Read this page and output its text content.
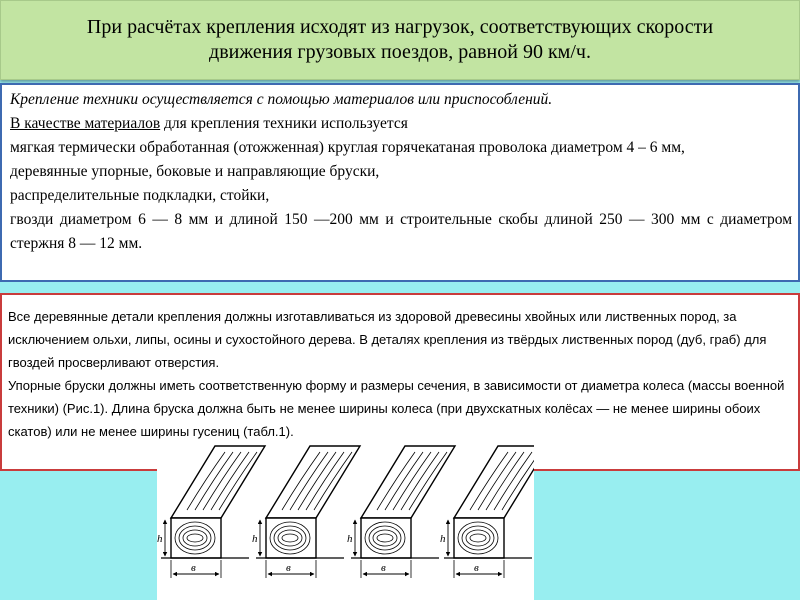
При расчётах крепления исходят из нагрузок, соответствующих скорости
движения грузовых поездов, равной 90 км/ч.

Крепление техники осуществляется с помощью материалов или приспособлений.

В качестве материалов для крепления техники используется

мягкая термически обработанная (отожженная) круглая горячекатаная проволока диаметром 4 – 6 мм,

деревянные упорные, боковые и направляющие бруски,

распределительные подкладки, стойки,

гвозди диаметром 6 — 8 мм и длиной 150 —200 мм и строительные скобы длиной 250 — 300 мм с диаметром стержня 8 — 12 мм.

Все деревянные детали крепления должны изготавливаться из здоровой древесины хвойных или лиственных пород, за исключением ольхи, липы, осины и сухостойного дерева. В деталях крепления из твёрдых лиственных пород (дуб, граб) для гвоздей просверливают отверстия.

Упорные бруски должны иметь соответственную форму и размеры сечения, в зависимости от диаметра колеса (массы военной техники) (Рис.1). Длина бруска должна быть не менее ширины колеса (при двухскатных колёсах — не менее ширины обоих скатов) или не менее ширины гусениц (табл.1).

h
в
h
в
h
в
h
в
